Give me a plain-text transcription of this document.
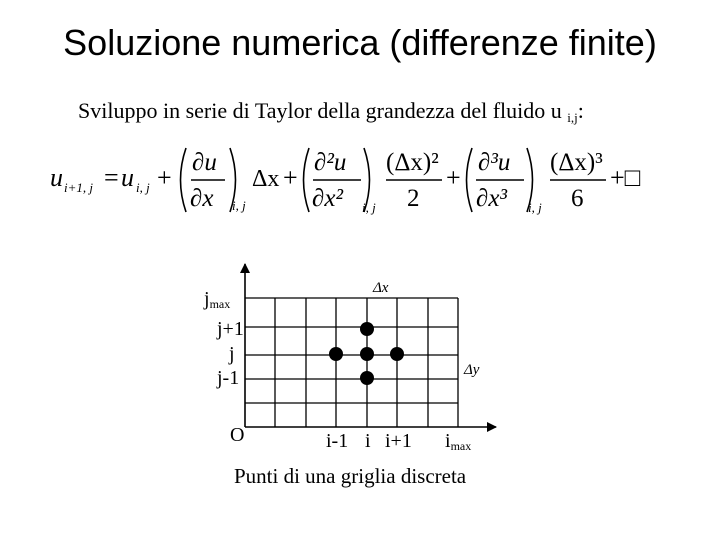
Soluzione numerica (differenze finite)
Sviluppo in serie di Taylor della grandezza del fluido u $_{i,j}$:
u i+1, j = u i, j +
∂u
∂x i, j
Δx +
∂²u
∂x² i, j
(Δx)²
2
+
∂³u
∂x³ i, j
(Δx)³
6
+□
Δx
Δy
$j_{max}$
j+1
j
j-1
O	i-1 i i+1 $i_{max}$
Punti di una griglia discreta
